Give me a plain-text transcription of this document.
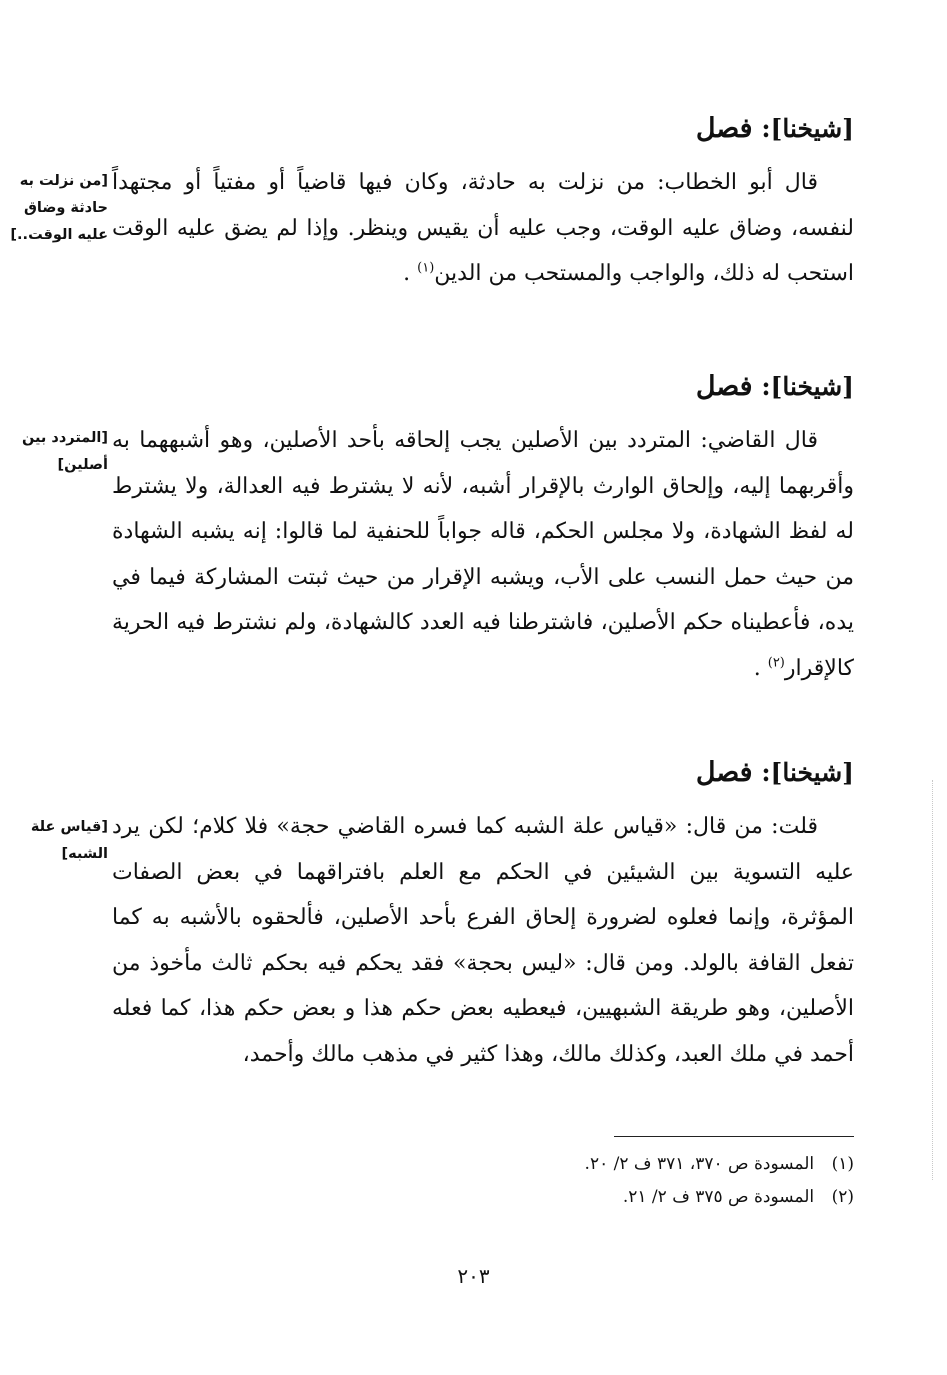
[شيخنا]: فصل
[من نزلت به حادثة وضاق عليه الوقت..]

قال أبو الخطاب: من نزلت به حادثة، وكان فيها قاضياً أو مفتياً أو مجتهداً لنفسه، وضاق عليه الوقت، وجب عليه أن يقيس وينظر. وإذا لم يضق عليه الوقت استحب له ذلك، والواجب والمستحب من الدين$^{(١)}$ .

[شيخنا]: فصل
[المتردد بين أصلين]

قال القاضي: المتردد بين الأصلين يجب إلحاقه بأحد الأصلين، وهو أشبههما به وأقربهما إليه، وإلحاق الوارث بالإقرار أشبه، لأنه لا يشترط فيه العدالة، ولا يشترط له لفظ الشهادة، ولا مجلس الحكم، قاله جواباً للحنفية لما قالوا: إنه يشبه الشهادة من حيث حمل النسب على الأب، ويشبه الإقرار من حيث ثبتت المشاركة فيما في يده، فأعطيناه حكم الأصلين، فاشترطنا فيه العدد كالشهادة، ولم نشترط فيه الحرية كالإقرار$^{(٢)}$ .

[شيخنا]: فصل
[قياس علة الشبه]

قلت: من قال: «قياس علة الشبه كما فسره القاضي حجة» فلا كلام؛ لكن يرد عليه التسوية بين الشيئين في الحكم مع العلم بافتراقهما في بعض الصفات المؤثرة، وإنما فعلوه لضرورة إلحاق الفرع بأحد الأصلين، فألحقوه بالأشبه به كما تفعل القافة بالولد. ومن قال: «ليس بحجة» فقد يحكم فيه بحكم ثالث مأخوذ من الأصلين، وهو طريقة الشبهيين، فيعطيه بعض حكم هذا و بعض حكم هذا، كما فعله أحمد في ملك العبد، وكذلك مالك، وهذا كثير في مذهب مالك وأحمد،

(١) المسودة ص ٣٧٠، ٣٧١ ف ٢/ ٢٠.
(٢) المسودة ص ٣٧٥ ف ٢/ ٢١.
٢٠٣
